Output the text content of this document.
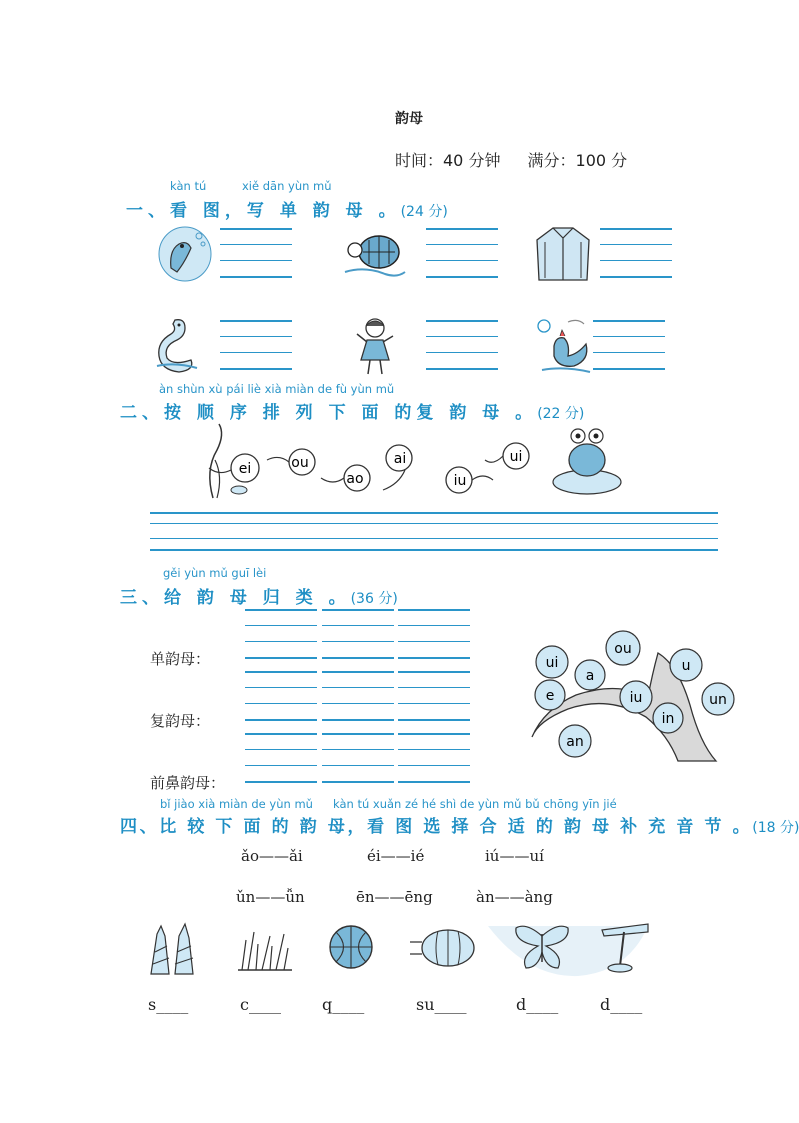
韵母
时间：40 分钟 满分：100 分
kàn tú	xiě dān yùn mǔ
一、看 图，写 单 韵 母 。(24 分)
àn shùn xù pái liè xià miàn de fù yùn mǔ
二、按 顺 序 排 列 下 面 的复 韵 母 。(22 分)
ei	ou
ao
ai
iu
ui
gěi yùn mǔ guī lèi
三、给 韵 母 归 类 。(36 分)
单韵母：
复韵母：
前鼻韵母：
ui
ou
a
u
e	iu	un
in
an
bǐ jiào xià miàn de yùn mǔ kàn tú xuǎn zé hé shì de yùn mǔ bǔ chōng yīn jié
四、比 较 下 面 的 韵 母，看 图 选 择 合 适 的 韵 母 补 充 音 节 。(18 分)
ǎo——ǎi	éi——ié	iú——uí
ǔn——ǚn	ēn——ēng	àn——àng
s____	c____	q____	su____	d____	d____
